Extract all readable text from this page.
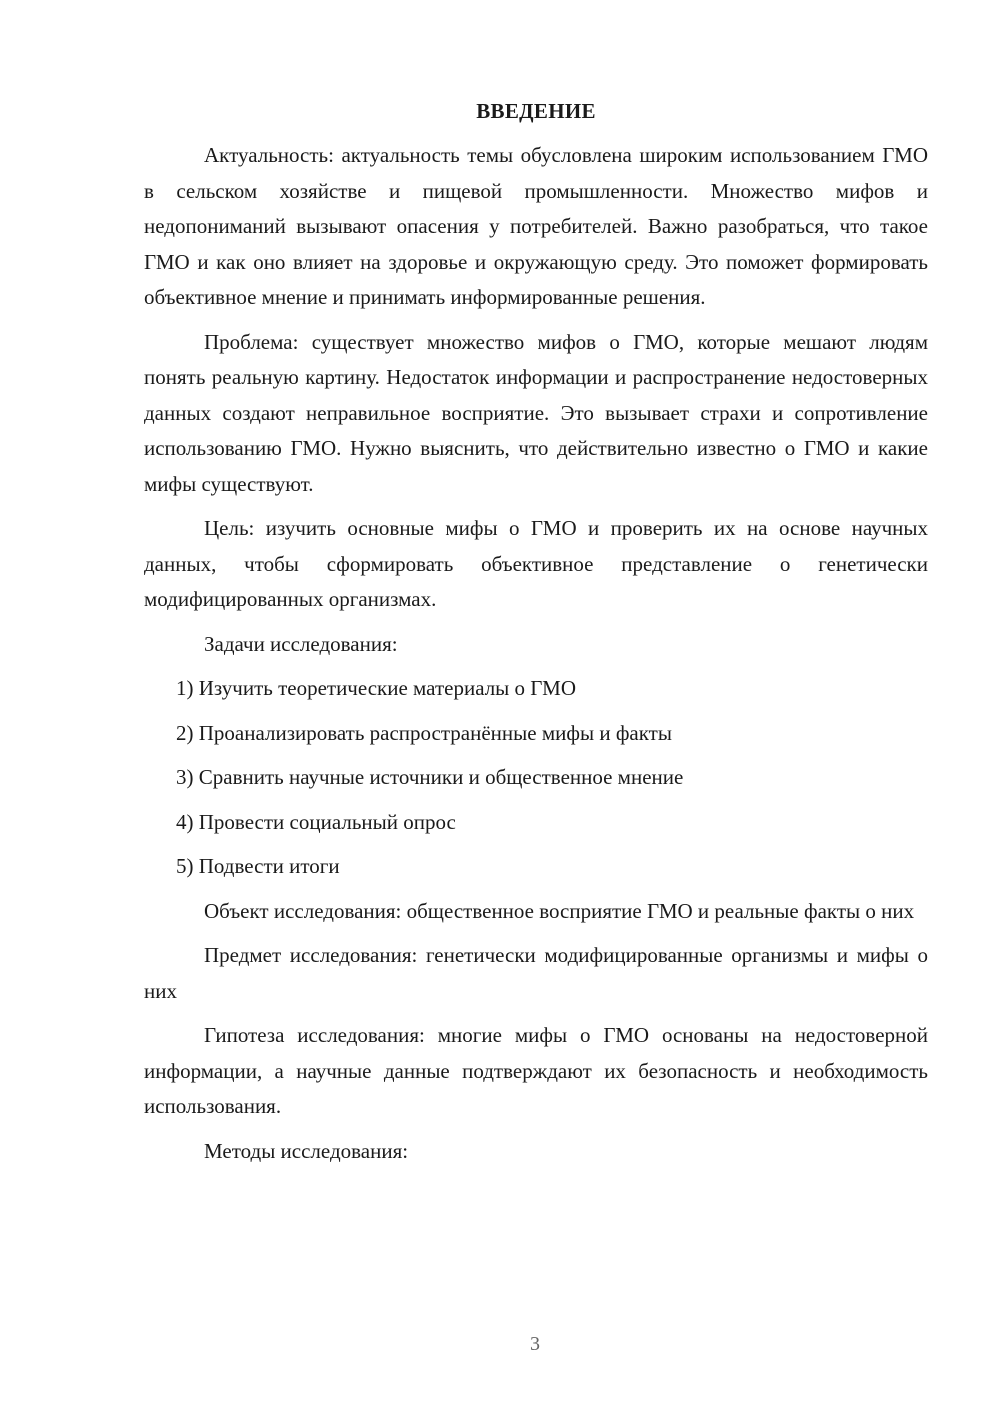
ВВЕДЕНИЕ

Актуальность: актуальность темы обусловлена широким использованием ГМО в сельском хозяйстве и пищевой промышленности. Множество мифов и недопониманий вызывают опасения у потребителей. Важно разобраться, что такое ГМО и как оно влияет на здоровье и окружающую среду. Это поможет формировать объективное мнение и принимать информированные решения.

Проблема: существует множество мифов о ГМО, которые мешают людям понять реальную картину. Недостаток информации и распространение недостоверных данных создают неправильное восприятие. Это вызывает страхи и сопротивление использованию ГМО. Нужно выяснить, что действительно известно о ГМО и какие мифы существуют.

Цель: изучить основные мифы о ГМО и проверить их на основе научных данных, чтобы сформировать объективное представление о генетически модифицированных организмах.

Задачи исследования:

1) Изучить теоретические материалы о ГМО

2) Проанализировать распространённые мифы и факты

3) Сравнить научные источники и общественное мнение

4) Провести социальный опрос

5) Подвести итоги

Объект исследования: общественное восприятие ГМО и реальные факты о них

Предмет исследования: генетически модифицированные организмы и мифы о них

Гипотеза исследования: многие мифы о ГМО основаны на недостоверной информации, а научные данные подтверждают их безопасность и необходимость использования.

Методы исследования:

3
